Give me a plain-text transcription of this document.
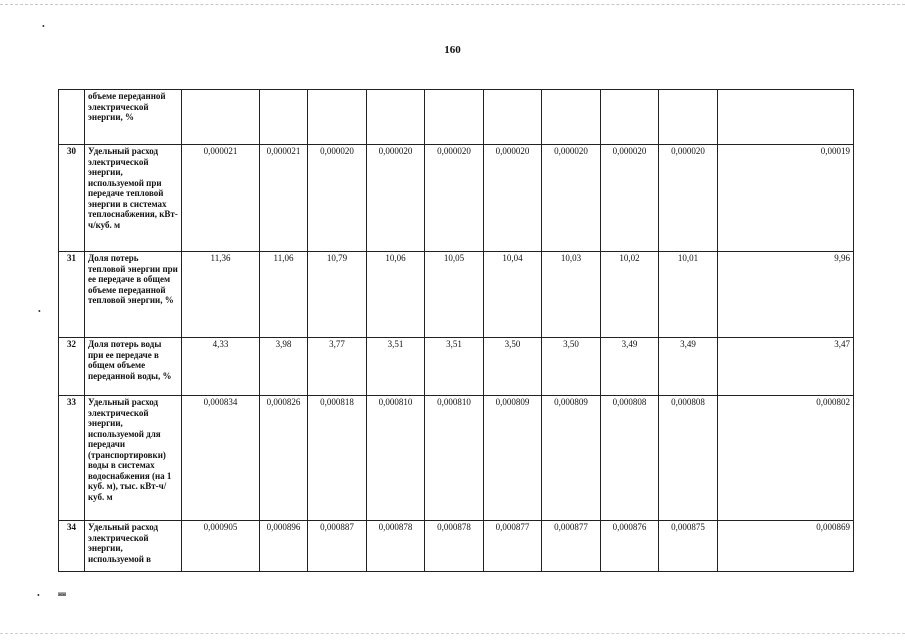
•
•
•
160
	объеме переданной электрической энергии, %										
30	Удельный расход электрической энергии, используемой при передаче тепловой энергии в системах теплоснабжения, кВт-ч/куб. м	0,000021	0,000021	0,000020	0,000020	0,000020	0,000020	0,000020	0,000020	0,000020	0,00019
31	Доля потерь тепловой энергии при ее передаче в общем объеме переданной тепловой энергии, %	11,36	11,06	10,79	10,06	10,05	10,04	10,03	10,02	10,01	9,96
32	Доля потерь воды при ее передаче в общем объеме переданной воды, %	4,33	3,98	3,77	3,51	3,51	3,50	3,50	3,49	3,49	3,47
33	Удельный расход электрической энергии, используемой для передачи (транспортировки) воды в системах водоснабжения (на 1 куб. м), тыс. кВт-ч/куб. м	0,000834	0,000826	0,000818	0,000810	0,000810	0,000809	0,000809	0,000808	0,000808	0,000802
34	Удельный расход электрической энергии, используемой в	0,000905	0,000896	0,000887	0,000878	0,000878	0,000877	0,000877	0,000876	0,000875	0,000869
нн
